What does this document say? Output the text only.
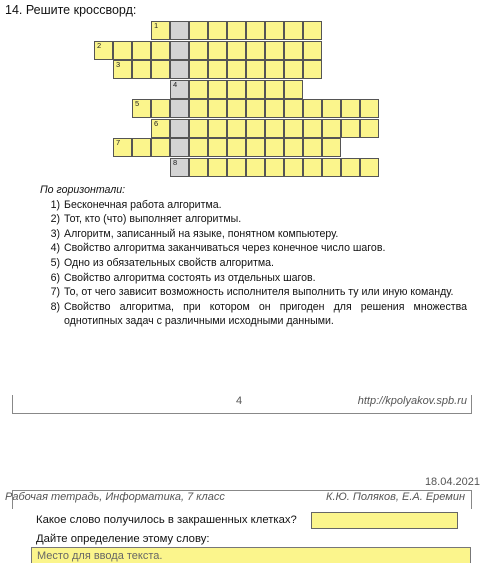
14. Решите кроссворд:
1
2
3
4
5
6
7
8
По горизонтали:
1) Бесконечная работа алгоритма.
2) Тот, кто (что) выполняет алгоритмы.
3) Алгоритм, записанный на языке, понятном компьютеру.
4) Свойство алгоритма заканчиваться через конечное число шагов.
5) Одно из обязательных свойств алгоритма.
6) Свойство алгоритма состоять из отдельных шагов.
7) То, от чего зависит возможность исполнителя выполнить ту или иную команду.
8) Свойство алгоритма, при котором он пригоден для решения множества однотипных задач с различными исходными данными.
4	http://kpolyakov.spb.ru
18.04.2021
Рабочая тетрадь, Информатика, 7 класс	К.Ю. Поляков, Е.А. Еремин
Какое слово получилось в закрашенных клетках?
Дайте определение этому слову:
Место для ввода текста.
